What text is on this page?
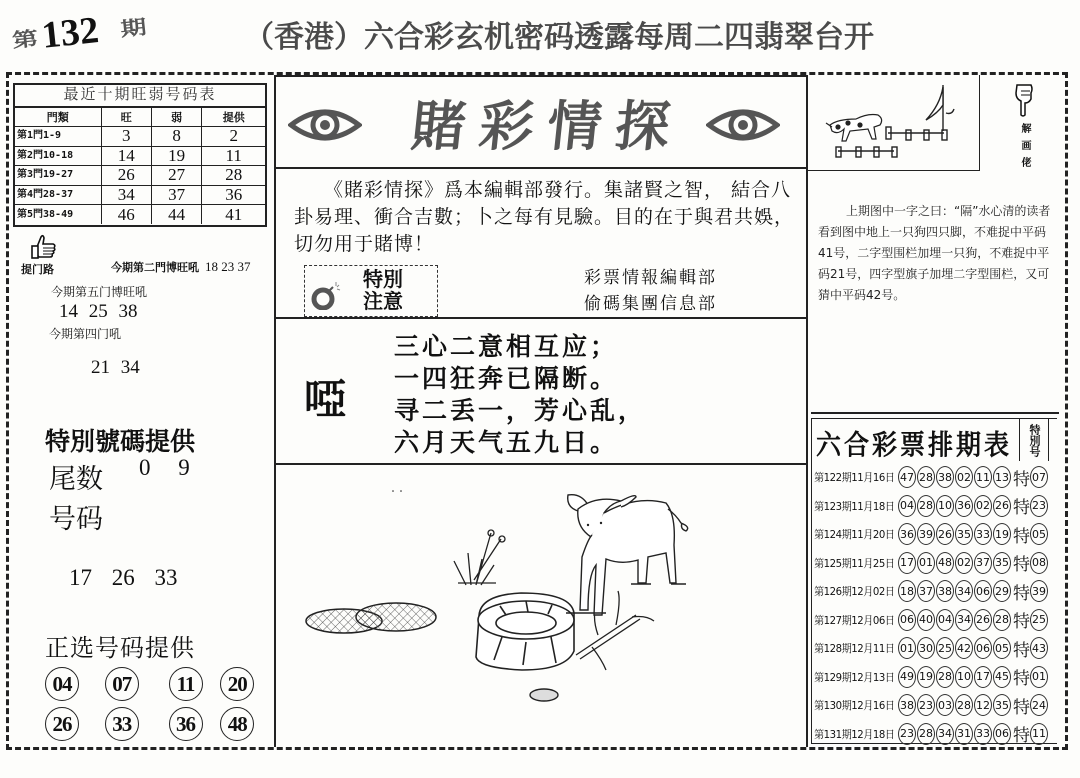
第 132 期	（香港）六合彩玄机密码透露每周二四翡翠台开
最近十期旺弱号码表
門類	旺	弱	提供
第1門1-9	3	8	2
第2門10-18	14	19	11
第3門19-27	26	27	28
第4門28-37	34	37	36
第5門38-49	46	44	41
提门路	今期第二門博旺吼 18 23 37
今期第五门博旺吼
14 25 38
今期第四门吼
21 34
特別號碼提供
尾数 0 9
号码
17 26 33
正选号码提供
04	07	11	20
26	33	36	48
賭彩情探
《賭彩情探》爲本編輯部發行。集諸賢之智， 結合八卦易理、衝合吉數；卜之每有見驗。目的在于與君共娛，切勿用于賭博！
特別
注意
彩票情報編輯部
偷碼集團信息部
啞
三心二意相互应；
一四狂奔已隔断。
寻二丢一，芳心乱，
六月天气五九日。
解画佬
上期图中一字之曰：“隔”水心清的读者看到图中地上一只狗四只脚，不难捉中平码41号，二字型围栏加埋一只狗，不难捉中平码21号，四字型旗子加埋二字型围栏，又可猜中平码42号。
六合彩票排期表	特別号
第122期11月16日 47 28 38 02 11 13 特 07
第123期11月18日 04 28 10 36 02 26 特 23
第124期11月20日 36 39 26 35 33 19 特 05
第125期11月25日 17 01 48 02 37 35 特 08
第126期12月02日 18 37 38 34 06 29 特 39
第127期12月06日 06 40 04 34 26 28 特 25
第128期12月11日 01 30 25 42 06 05 特 43
第129期12月13日 49 19 28 10 17 45 特 01
第130期12月16日 38 23 03 28 12 35 特 24
第131期12月18日 23 28 34 31 33 06 特 11
